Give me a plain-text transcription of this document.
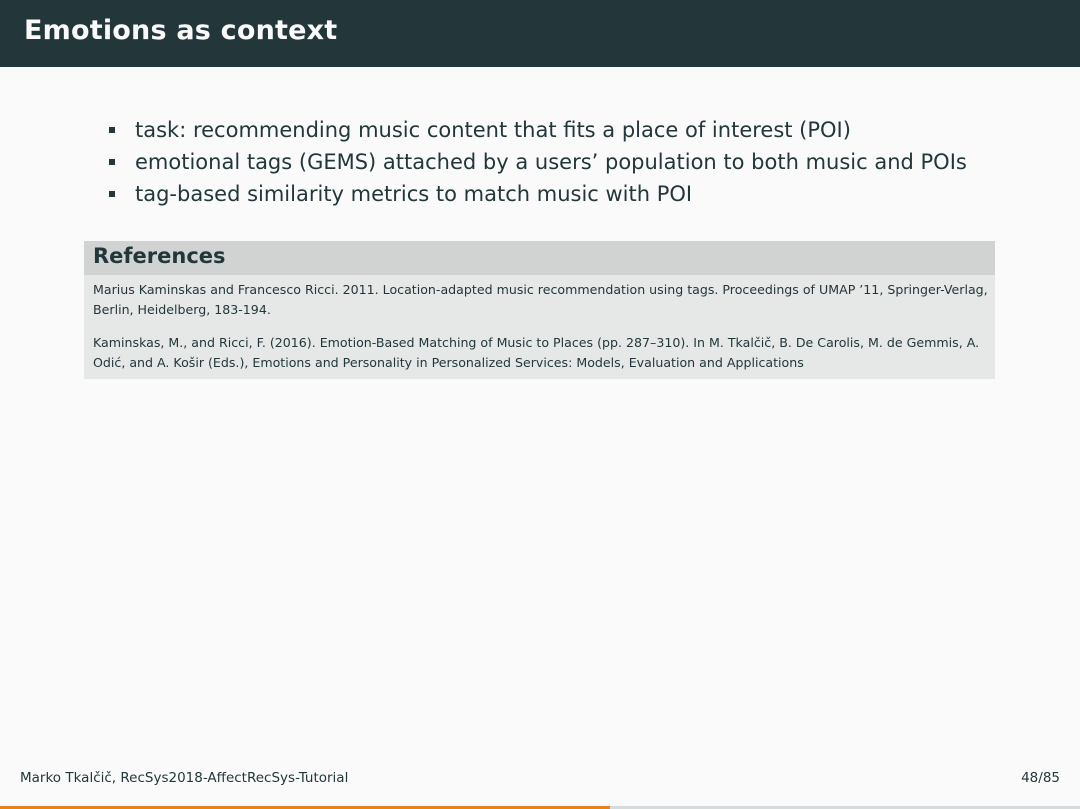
Emotions as context
task: recommending music content that fits a place of interest (POI)
emotional tags (GEMS) attached by a users’ population to both music and POIs
tag-based similarity metrics to match music with POI
References
Marius Kaminskas and Francesco Ricci. 2011. Location-adapted music recommendation using tags. Proceedings of UMAP ’11, Springer-Verlag, Berlin, Heidelberg, 183-194.
Kaminskas, M., and Ricci, F. (2016). Emotion-Based Matching of Music to Places (pp. 287–310). In M. Tkalčič, B. De Carolis, M. de Gemmis, A. Odić, and A. Košir (Eds.), Emotions and Personality in Personalized Services: Models, Evaluation and Applications
Marko Tkalčič, RecSys2018-AffectRecSys-Tutorial	48/85
